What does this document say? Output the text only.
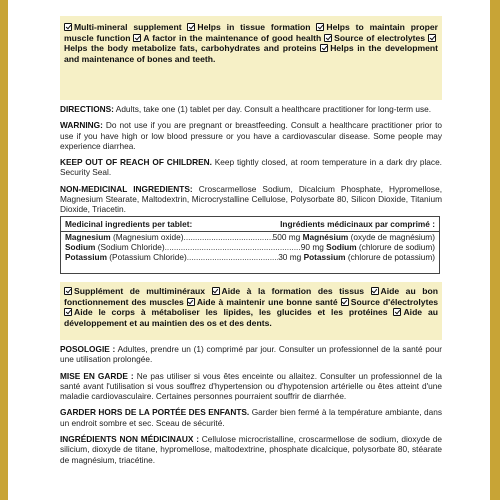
Multi-mineral supplement Helps in tissue formation Helps to maintain proper muscle function A factor in the maintenance of good health Source of electrolytes Helps the body metabolize fats, carbohydrates and proteins Helps in the development and maintenance of bones and teeth.

DIRECTIONS: Adults, take one (1) tablet per day. Consult a healthcare practitioner for long-term use.

WARNING: Do not use if you are pregnant or breastfeeding. Consult a healthcare practitioner prior to use if you have high or low blood pressure or you have a cardiovascular disease. Some people may experience diarrhea.

KEEP OUT OF REACH OF CHILDREN. Keep tightly closed, at room temperature in a dark dry place. Security Seal.

NON-MEDICINAL INGREDIENTS: Croscarmellose Sodium, Dicalcium Phosphate, Hypromellose, Magnesium Stearate, Maltodextrin, Microcrystalline Cellulose, Polysorbate 80, Silicon Dioxide, Titanium Dioxide, Triacetin.

Medicinal ingredients per tablet:	Ingrédients médicinaux par comprimé :
Magnesium (Magnesium oxide) .....	500 mg Magnésium (oxyde de magnésium)
Sodium (Sodium Chloride) .....	90 mg Sodium (chlorure de sodium)
Potassium (Potassium Chloride) .....	30 mg Potassium (chlorure de potassium)
Supplément de multiminéraux Aide à la formation des tissus Aide au bon fonctionnement des muscles Aide à maintenir une bonne santé Source d'électrolytes Aide le corps à métaboliser les lipides, les glucides et les protéines Aide au développement et au maintien des os et des dents.

POSOLOGIE : Adultes, prendre un (1) comprimé par jour. Consulter un professionnel de la santé pour une utilisation prolongée.

MISE EN GARDE : Ne pas utiliser si vous êtes enceinte ou allaitez. Consulter un professionnel de la santé avant l'utilisation si vous souffrez d'hypertension ou d'hypotension artérielle ou êtes atteint d'une maladie cardiovasculaire. Certaines personnes pourraient souffrir de diarrhée.

GARDER HORS DE LA PORTÉE DES ENFANTS. Garder bien fermé à la température ambiante, dans un endroit sombre et sec. Sceau de sécurité.

INGRÉDIENTS NON MÉDICINAUX : Cellulose microcristalline, croscarmellose de sodium, dioxyde de silicium, dioxyde de titane, hypromellose, maltodextrine, phosphate dicalcique, polysorbate 80, stéarate de magnésium, triacétine.
